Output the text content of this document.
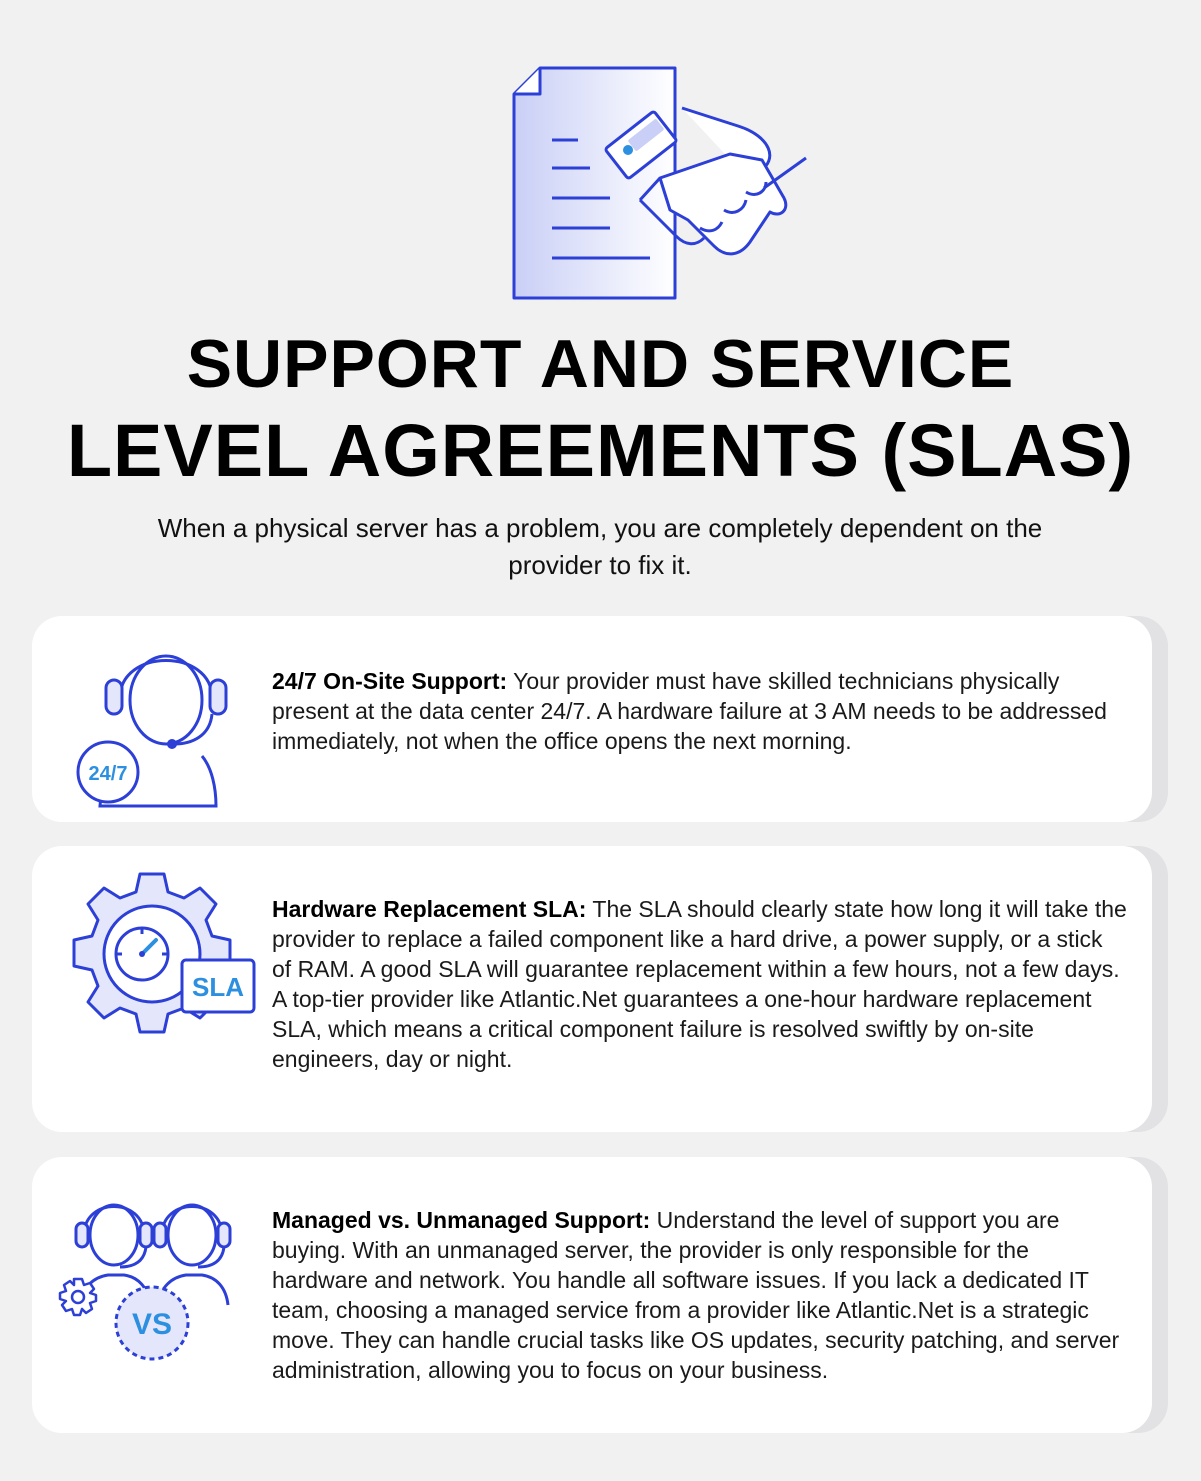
SUPPORT AND SERVICE
LEVEL AGREEMENTS (SLAS)
When a physical server has a problem, you are completely dependent on the provider to fix it.
24/7
24/7 On-Site Support: Your provider must have skilled technicians physically present at the data center 24/7. A hardware failure at 3 AM needs to be addressed immediately, not when the office opens the next morning.
SLA
Hardware Replacement SLA: The SLA should clearly state how long it will take the provider to replace a failed component like a hard drive, a power supply, or a stick of RAM. A good SLA will guarantee replacement within a few hours, not a few days. A top-tier provider like Atlantic.Net guarantees a one-hour hardware replacement SLA, which means a critical component failure is resolved swiftly by on-site engineers, day or night.
VS
Managed vs. Unmanaged Support: Understand the level of support you are buying. With an unmanaged server, the provider is only responsible for the hardware and network. You handle all software issues. If you lack a dedicated IT team, choosing a managed service from a provider like Atlantic.Net is a strategic move. They can handle crucial tasks like OS updates, security patching, and server administration, allowing you to focus on your business.
